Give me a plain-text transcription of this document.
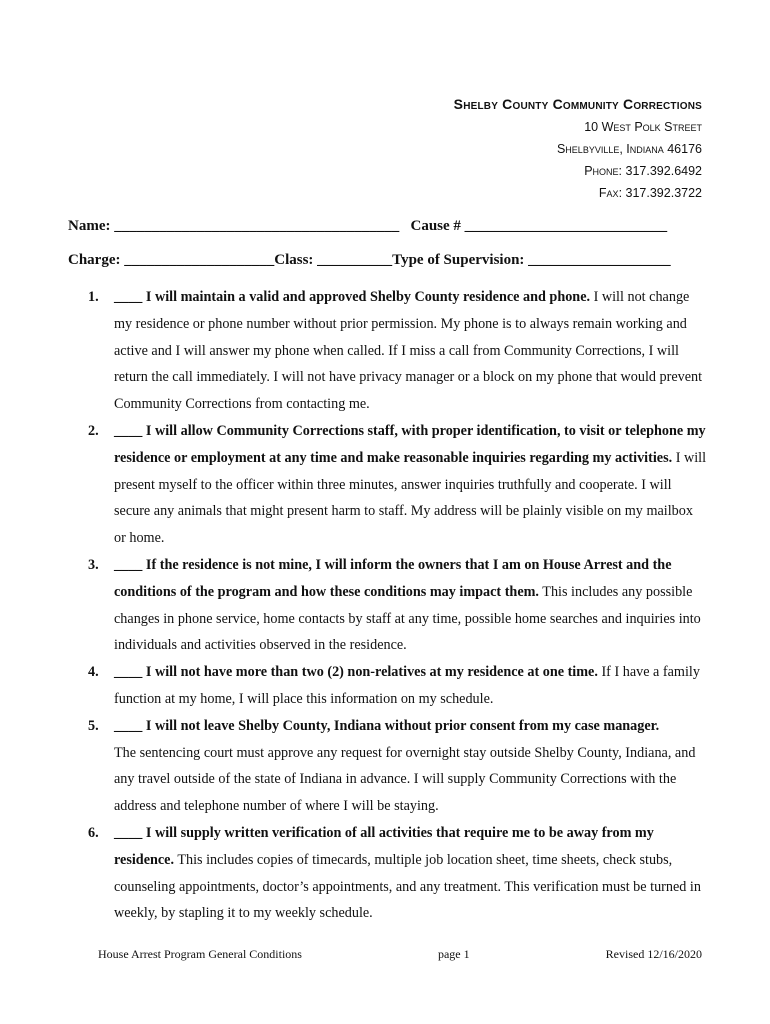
Shelby County Community Corrections
10 West Polk Street
Shelbyville, Indiana 46176
Phone: 317.392.6492
Fax: 317.392.3722
Name: ______________________________________ Cause # ___________________________
Charge: ____________________Class: __________Type of Supervision: ___________________
1. ____ I will maintain a valid and approved Shelby County residence and phone. I will not change my residence or phone number without prior permission. My phone is to always remain working and active and I will answer my phone when called. If I miss a call from Community Corrections, I will return the call immediately. I will not have privacy manager or a block on my phone that would prevent Community Corrections from contacting me.
2. ____ I will allow Community Corrections staff, with proper identification, to visit or telephone my residence or employment at any time and make reasonable inquiries regarding my activities. I will present myself to the officer within three minutes, answer inquiries truthfully and cooperate. I will secure any animals that might present harm to staff. My address will be plainly visible on my mailbox or home.
3. ____ If the residence is not mine, I will inform the owners that I am on House Arrest and the conditions of the program and how these conditions may impact them. This includes any possible changes in phone service, home contacts by staff at any time, possible home searches and inquiries into individuals and activities observed in the residence.
4. ____ I will not have more than two (2) non-relatives at my residence at one time. If I have a family function at my home, I will place this information on my schedule.
5. ____ I will not leave Shelby County, Indiana without prior consent from my case manager.
The sentencing court must approve any request for overnight stay outside Shelby County, Indiana, and any travel outside of the state of Indiana in advance. I will supply Community Corrections with the address and telephone number of where I will be staying.
6. ____ I will supply written verification of all activities that require me to be away from my residence. This includes copies of timecards, multiple job location sheet, time sheets, check stubs, counseling appointments, doctor’s appointments, and any treatment. This verification must be turned in weekly, by stapling it to my weekly schedule.
House Arrest Program General Conditions	page 1	Revised 12/16/2020
